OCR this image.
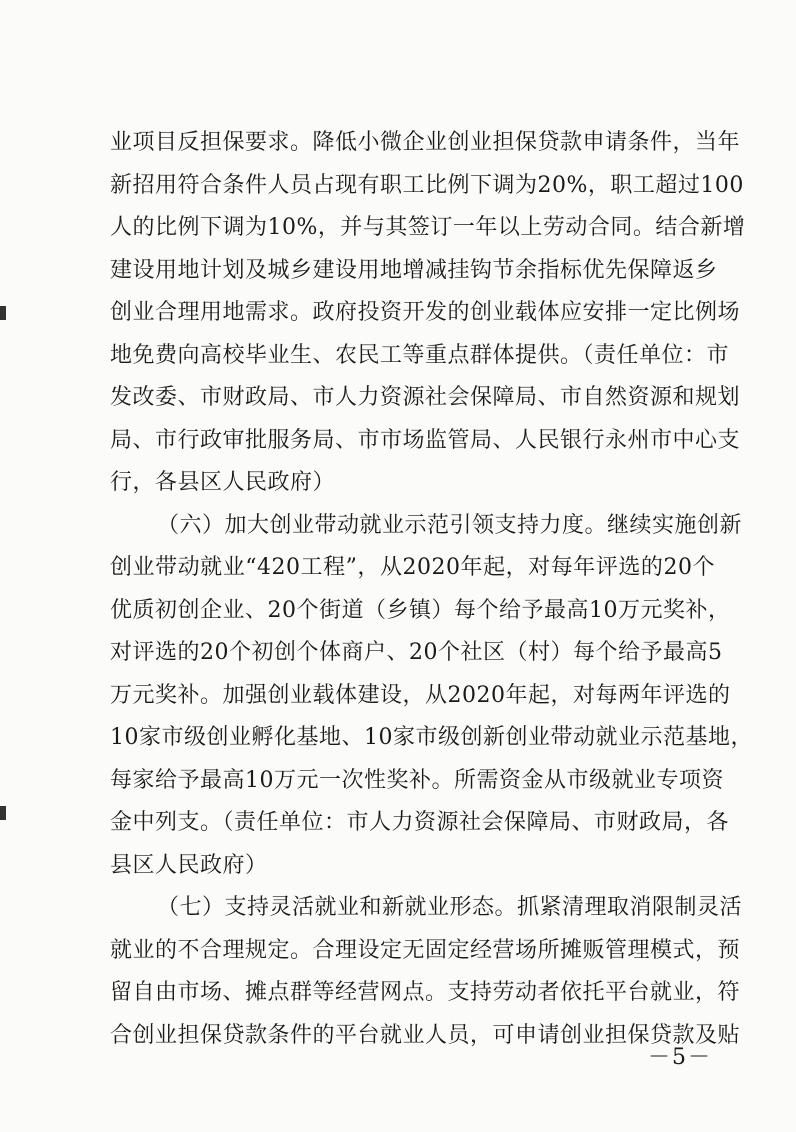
业项目反担保要求。降低小微企业创业担保贷款申请条件，当年
新招用符合条件人员占现有职工比例下调为20%，职工超过100
人的比例下调为10%，并与其签订一年以上劳动合同。结合新增
建设用地计划及城乡建设用地增减挂钩节余指标优先保障返乡
创业合理用地需求。政府投资开发的创业载体应安排一定比例场
地免费向高校毕业生、农民工等重点群体提供。（责任单位：市
发改委、市财政局、市人力资源社会保障局、市自然资源和规划
局、市行政审批服务局、市市场监管局、人民银行永州市中心支
行，各县区人民政府）
（六）加大创业带动就业示范引领支持力度。继续实施创新
创业带动就业“420工程”，从2020年起，对每年评选的20个
优质初创企业、20个街道（乡镇）每个给予最高10万元奖补，
对评选的20个初创个体商户、20个社区（村）每个给予最高5
万元奖补。加强创业载体建设，从2020年起，对每两年评选的
10家市级创业孵化基地、10家市级创新创业带动就业示范基地，
每家给予最高10万元一次性奖补。所需资金从市级就业专项资
金中列支。（责任单位：市人力资源社会保障局、市财政局，各
县区人民政府）
（七）支持灵活就业和新就业形态。抓紧清理取消限制灵活
就业的不合理规定。合理设定无固定经营场所摊贩管理模式，预
留自由市场、摊点群等经营网点。支持劳动者依托平台就业，符
合创业担保贷款条件的平台就业人员，可申请创业担保贷款及贴
－5－
